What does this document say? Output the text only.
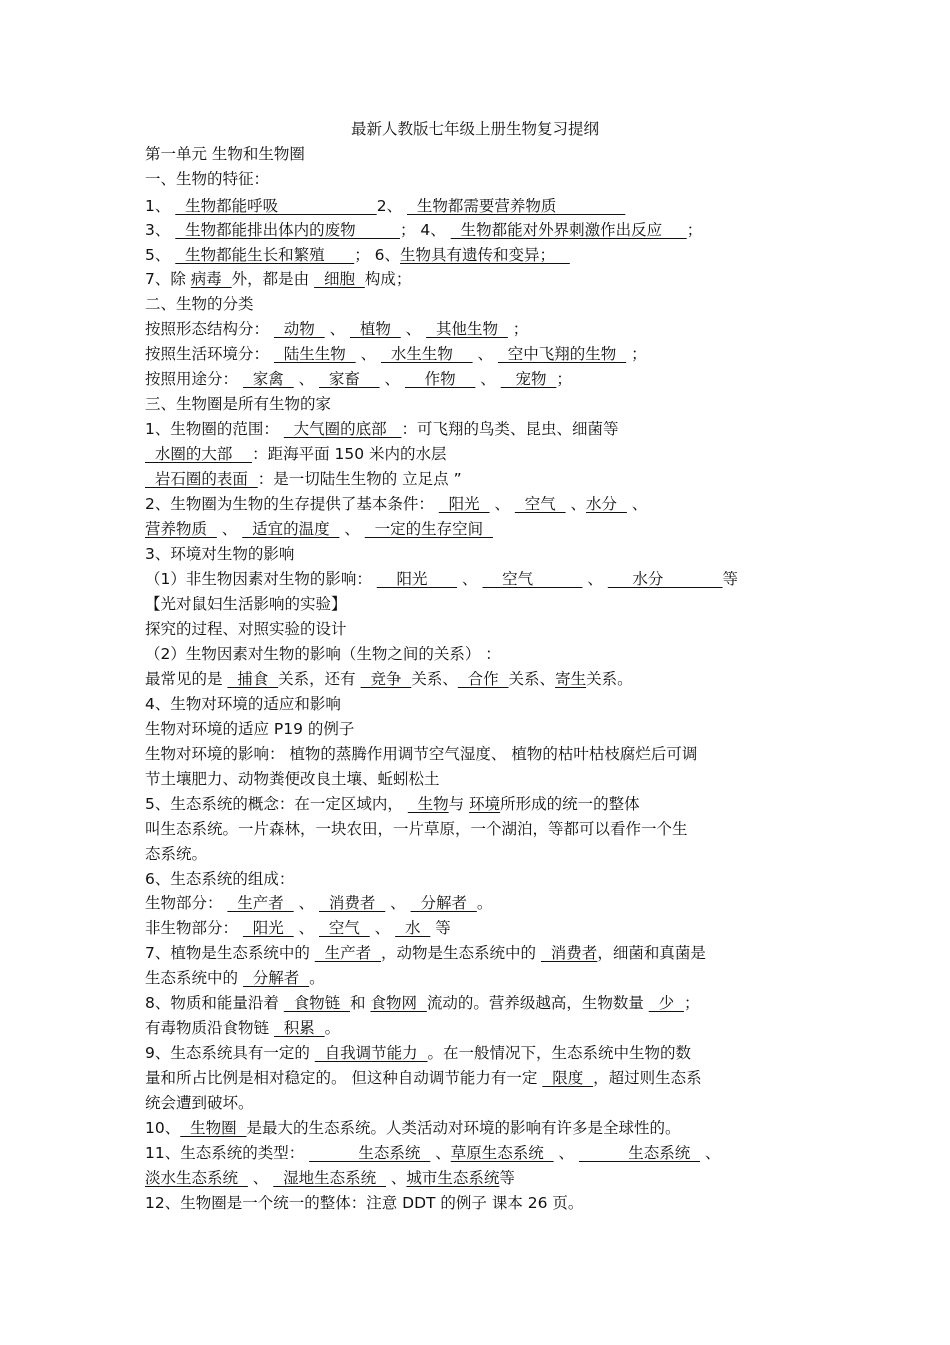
最新人教版七年级上册生物复习提纲
第一单元 生物和生物圈
一、生物的特征：
1、   生物都能呼吸                    2、   生物都需要营养物质
3、   生物都能排出体内的废物         ； 4、   生物都能对外界刺激作出反应     ；
5、   生物都能生长和繁殖      ； 6、生物具有遗传和变异；
7、除 病毒  外，都是由   细胞  构成；
二、生物的分类
按照形态结构分：   动物   、   植物   、   其他生物   ；
按照生活环境分：   陆生生物   、   水生生物     、   空中飞翔的生物   ；
按照用途分：   家禽   、   家畜     、     作物     、    宠物  ；
三、生物圈是所有生物的家
1、生物圈的范围：   大气圈的底部   ：可飞翔的鸟类、昆虫、细菌等
水圈的大部    ：距海平面 150 米内的水层
岩石圈的表面  ：是一切陆生生物的 立足点 ”
2、生物圈为生物的生存提供了基本条件：   阳光   、   空气   、水分   、
营养物质   、   适宜的温度   、   一定的生存空间
3、环境对生物的影响
（1）非生物因素对生物的影响：     阳光       、     空气           、      水分            等
【光对鼠妇生活影响的实验】
探究的过程、对照实验的设计
（2）生物因素对生物的影响（生物之间的关系） ：
最常见的是   捕食  关系，还有   竞争  关系、  合作  关系、寄生关系。
4、生物对环境的适应和影响
生物对环境的适应 P19 的例子
生物对环境的影响： 植物的蒸腾作用调节空气湿度、 植物的枯叶枯枝腐烂后可调
节土壤肥力、动物粪便改良土壤、蚯蚓松土
5、生态系统的概念：在一定区域内，   生物与 环境所形成的统一的整体
叫生态系统。一片森林，一块农田，一片草原，一个湖泊，等都可以看作一个生
态系统。
6、生态系统的组成：
生物部分：   生产者   、   消费者   、   分解者  。
非生物部分：   阳光   、   空气   、   水   等
7、植物是生态系统中的   生产者  ，动物是生态系统中的   消费者，细菌和真菌是
生态系统中的   分解者  。
8、物质和能量沿着   食物链  和 食物网  流动的。营养级越高，生物数量   少  ；
有毒物质沿食物链   积累  。
9、生态系统具有一定的   自我调节能力  。在一般情况下，生态系统中生物的数
量和所占比例是相对稳定的。 但这种自动调节能力有一定   限度  ，超过则生态系
统会遭到破坏。
10、  生物圈  是最大的生态系统。人类活动对环境的影响有许多是全球性的。
11、生态系统的类型：           生态系统   、草原生态系统   、           生态系统   、
淡水生态系统   、   湿地生态系统   、城市生态系统等
12、生物圈是一个统一的整体：注意 DDT 的例子 课本 26 页。
